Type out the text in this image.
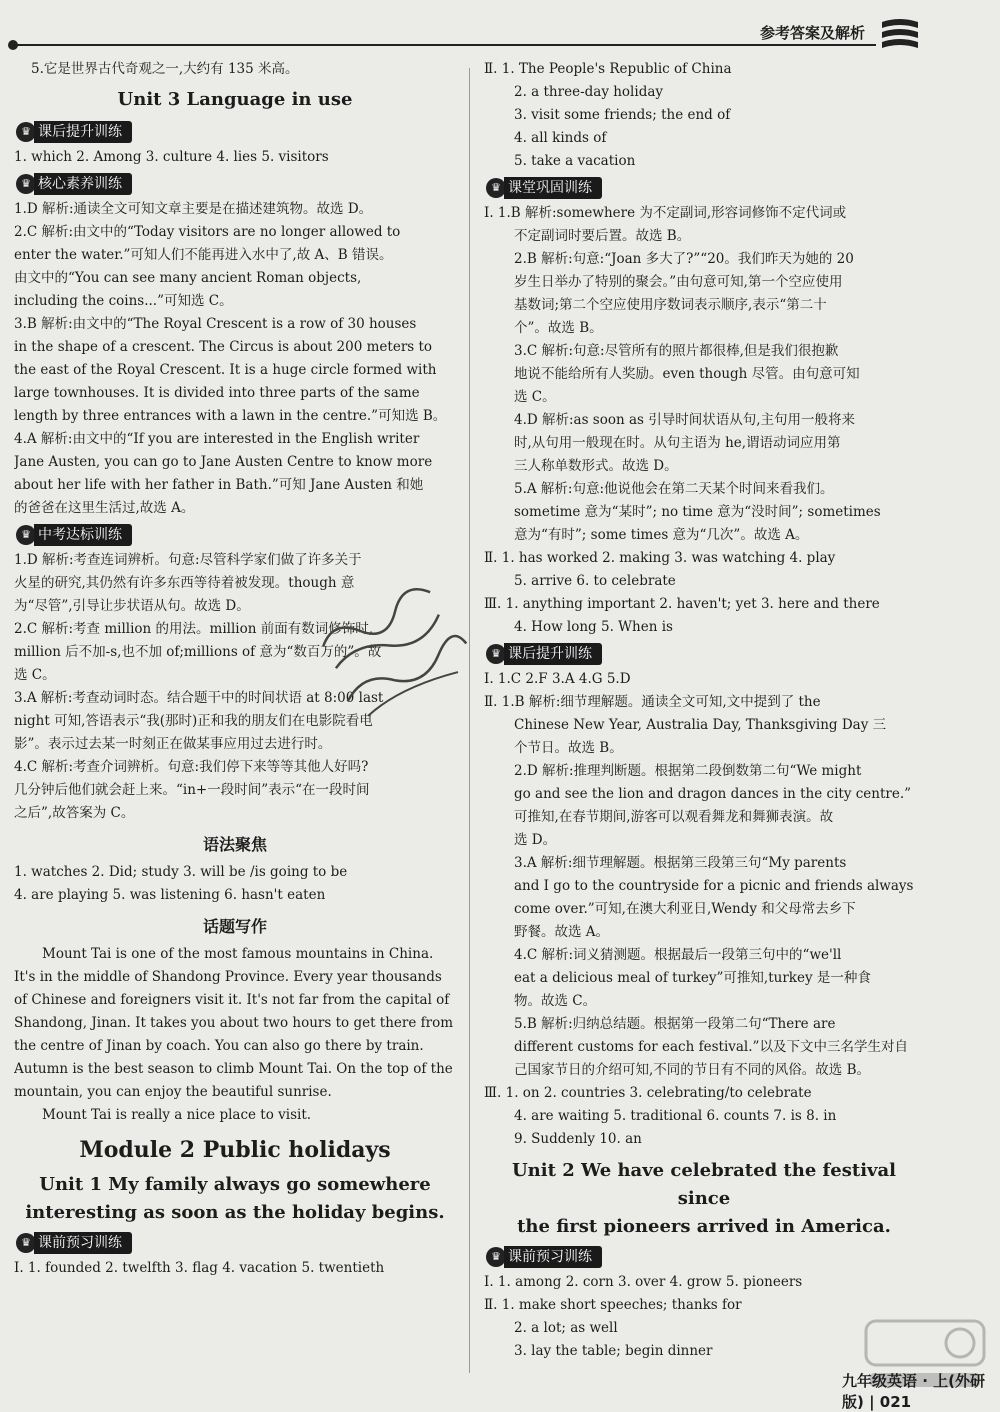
参考答案及解析
5.它是世界古代奇观之一,大约有 135 米高。
Unit 3 Language in use
♛ 课后提升训练
1. which 2. Among 3. culture 4. lies 5. visitors
♛ 核心素养训练
1.D 解析:通读全文可知文章主要是在描述建筑物。故选 D。
2.C 解析:由文中的“Today visitors are no longer allowed to
enter the water.”可知人们不能再进入水中了,故 A、B 错误。
由文中的“You can see many ancient Roman objects,
including the coins...”可知选 C。
3.B 解析:由文中的“The Royal Crescent is a row of 30 houses
in the shape of a crescent. The Circus is about 200 meters to
the east of the Royal Crescent. It is a huge circle formed with
large townhouses. It is divided into three parts of the same
length by three entrances with a lawn in the centre.”可知选 B。
4.A 解析:由文中的“If you are interested in the English writer
Jane Austen, you can go to Jane Austen Centre to know more
about her life with her father in Bath.”可知 Jane Austen 和她
的爸爸在这里生活过,故选 A。
♛ 中考达标训练
1.D 解析:考查连词辨析。句意:尽管科学家们做了许多关于
火星的研究,其仍然有许多东西等待着被发现。though 意
为“尽管”,引导让步状语从句。故选 D。
2.C 解析:考查 million 的用法。million 前面有数词修饰时,
million 后不加-s,也不加 of;millions of 意为“数百万的”。故
选 C。
3.A 解析:考查动词时态。结合题干中的时间状语 at 8:00 last
night 可知,答语表示“我(那时)正和我的朋友们在电影院看电
影”。表示过去某一时刻正在做某事应用过去进行时。
4.C 解析:考查介词辨析。句意:我们停下来等等其他人好吗?
几分钟后他们就会赶上来。“in+一段时间”表示“在一段时间
之后”,故答案为 C。
语法聚焦
1. watches 2. Did; study 3. will be /is going to be
4. are playing 5. was listening 6. hasn't eaten
话题写作
Mount Tai is one of the most famous mountains in China.
It's in the middle of Shandong Province. Every year thousands
of Chinese and foreigners visit it. It's not far from the capital of
Shandong, Jinan. It takes you about two hours to get there from
the centre of Jinan by coach. You can also go there by train.
Autumn is the best season to climb Mount Tai. On the top of the
mountain, you can enjoy the beautiful sunrise.
Mount Tai is really a nice place to visit.
Module 2 Public holidays
Unit 1 My family always go somewhere
interesting as soon as the holiday begins.
♛ 课前预习训练
Ⅰ. 1. founded 2. twelfth 3. flag 4. vacation 5. twentieth
Ⅱ. 1. The People's Republic of China
2. a three-day holiday
3. visit some friends; the end of
4. all kinds of
5. take a vacation
♛ 课堂巩固训练
Ⅰ. 1.B 解析:somewhere 为不定副词,形容词修饰不定代词或
不定副词时要后置。故选 B。
2.B 解析:句意:“Joan 多大了?”“20。我们昨天为她的 20
岁生日举办了特别的聚会。”由句意可知,第一个空应使用
基数词;第二个空应使用序数词表示顺序,表示“第二十
个”。故选 B。
3.C 解析:句意:尽管所有的照片都很棒,但是我们很抱歉
地说不能给所有人奖励。even though 尽管。由句意可知
选 C。
4.D 解析:as soon as 引导时间状语从句,主句用一般将来
时,从句用一般现在时。从句主语为 he,谓语动词应用第
三人称单数形式。故选 D。
5.A 解析:句意:他说他会在第二天某个时间来看我们。
sometime 意为“某时”; no time 意为“没时间”; sometimes
意为“有时”; some times 意为“几次”。故选 A。
Ⅱ. 1. has worked 2. making 3. was watching 4. play
5. arrive 6. to celebrate
Ⅲ. 1. anything important 2. haven't; yet 3. here and there
4. How long 5. When is
♛ 课后提升训练
Ⅰ. 1.C 2.F 3.A 4.G 5.D
Ⅱ. 1.B 解析:细节理解题。通读全文可知,文中提到了 the
Chinese New Year, Australia Day, Thanksgiving Day 三
个节日。故选 B。
2.D 解析:推理判断题。根据第二段倒数第二句“We might
go and see the lion and dragon dances in the city centre.”
可推知,在春节期间,游客可以观看舞龙和舞狮表演。故
选 D。
3.A 解析:细节理解题。根据第三段第三句“My parents
and I go to the countryside for a picnic and friends always
come over.”可知,在澳大利亚日,Wendy 和父母常去乡下
野餐。故选 A。
4.C 解析:词义猜测题。根据最后一段第三句中的“we'll
eat a delicious meal of turkey”可推知,turkey 是一种食
物。故选 C。
5.B 解析:归纳总结题。根据第一段第二句“There are
different customs for each festival.”以及下文中三名学生对自
己国家节日的介绍可知,不同的节日有不同的风俗。故选 B。
Ⅲ. 1. on 2. countries 3. celebrating/to celebrate
4. are waiting 5. traditional 6. counts 7. is 8. in
9. Suddenly 10. an
Unit 2 We have celebrated the festival since
the first pioneers arrived in America.
♛ 课前预习训练
Ⅰ. 1. among 2. corn 3. over 4. grow 5. pioneers
Ⅱ. 1. make short speeches; thanks for
2. a lot; as well
3. lay the table; begin dinner
九年级英语 · 上(外研版) | 021
